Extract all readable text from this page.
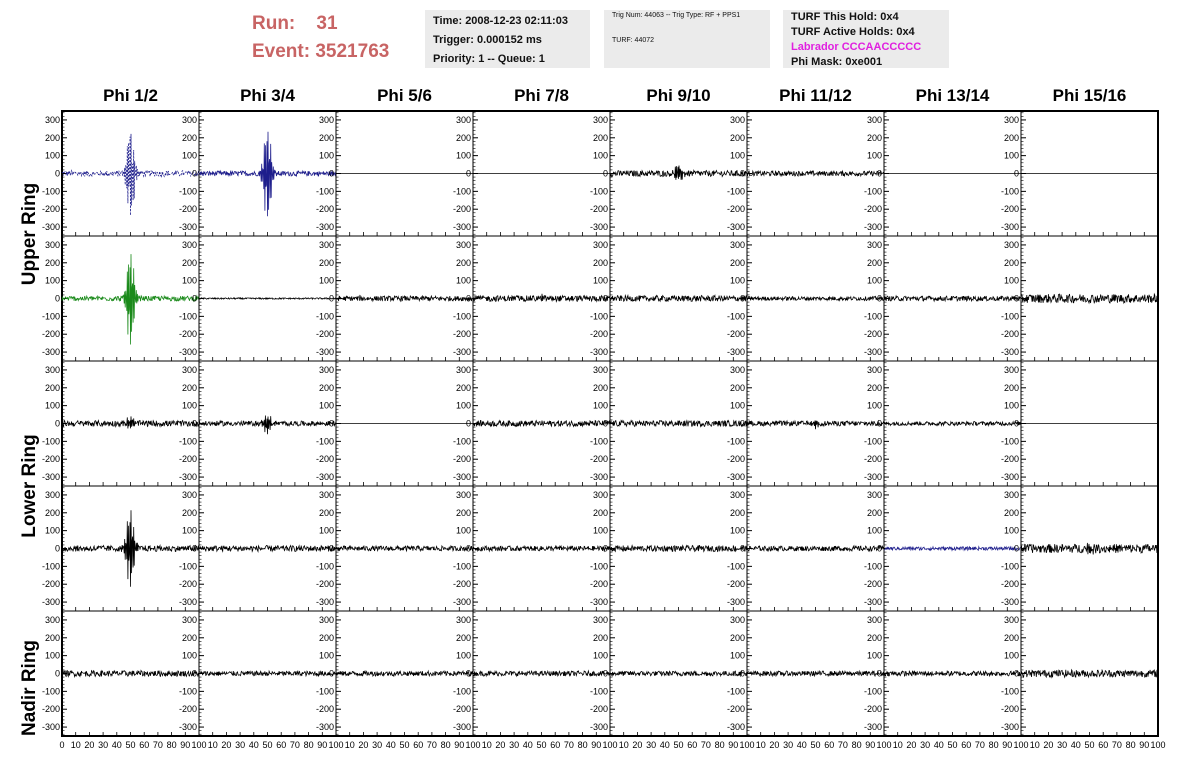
Run: 31
Event: 3521763
Time: 2008-12-23 02:11:03
Trigger: 0.000152 ms
Priority: 1 -- Queue: 1
Trig Num: 44063 -- Trig Type: RF + PPS1
TURF: 44072
TURF This Hold: 0x4
TURF Active Holds: 0x4
Labrador CCCAACCCCC
Phi Mask: 0xe001
Phi 1/2	Phi 3/4	Phi 5/6	Phi 7/8	Phi 9/10	Phi 11/12	Phi 13/14	Phi 15/16
Upper Ring
Lower Ring
Nadir Ring
300
200
100
0
-100
-200
-300
300
200
100
0
-100
-200
-300
300
200
100
0
-100
-200
-300
300
200
100
0
-100
-200
-300
300
200
100
0
-100
-200
-300
300
200
100
0
-100
-200
-300
300
200
100
0
-100
-200
-300
300
200
100
0
-100
-200
-300
300
200
100
0
-100
-200
-300
300
200
100
0
-100
-200
-300
300
200
100
0
-100
-200
-300
300
200
100
0
-100
-200
-300
300
200
100
0
-100
-200
-300
300
200
100
0
-100
-200
-300
300
200
100
0
-100
-200
-300
300
200
100
0
-100
-200
-300
300
200
100
0
-100
-200
-300
300
200
100
0
-100
-200
-300
300
200
100
0
-100
-200
-300
300
200
100
0
-100
-200
-300
300
200
100
0
-100
-200
-300
300
200
100
0
-100
-200
-300
300
200
100
0
-100
-200
-300
300
200
100
0
-100
-200
-300
300
200
100
0
-100
-200
-300
300
200
100
0
-100
-200
-300
300
200
100
0
-100
-200
-300
300
200
100
0
-100
-200
-300
300
200
100
0
-100
-200
-300
300
200
100
0
-100
-200
-300
300
200
100
0
-100
-200
-300
300
200
100
0
-100
-200
-300
300
200
100
0
-100
-200
-300
300
200
100
0
-100
-200
-300
300
200
100
0
-100
-200
-300
300
200
100
0
-100
-200
-300
300
200
100
0
-100
-200
-300
300
200
100
0
-100
-200
-300
300
200
100
0
-100
-200
-300
300
200
100
0
-100
-200
-300
0 10 20 30 40 50 60 70 80 90 100 10 20 30 40 50 60 70 80 90 100 10 20 30 40 50 60 70 80 90 100 10 20 30 40 50 60 70 80 90 100 10 20 30 40 50 60 70 80 90 100 10 20 30 40 50 60 70 80 90 100 10 20 30 40 50 60 70 80 90 100 10 20 30 40 50 60 70 80 90 100
